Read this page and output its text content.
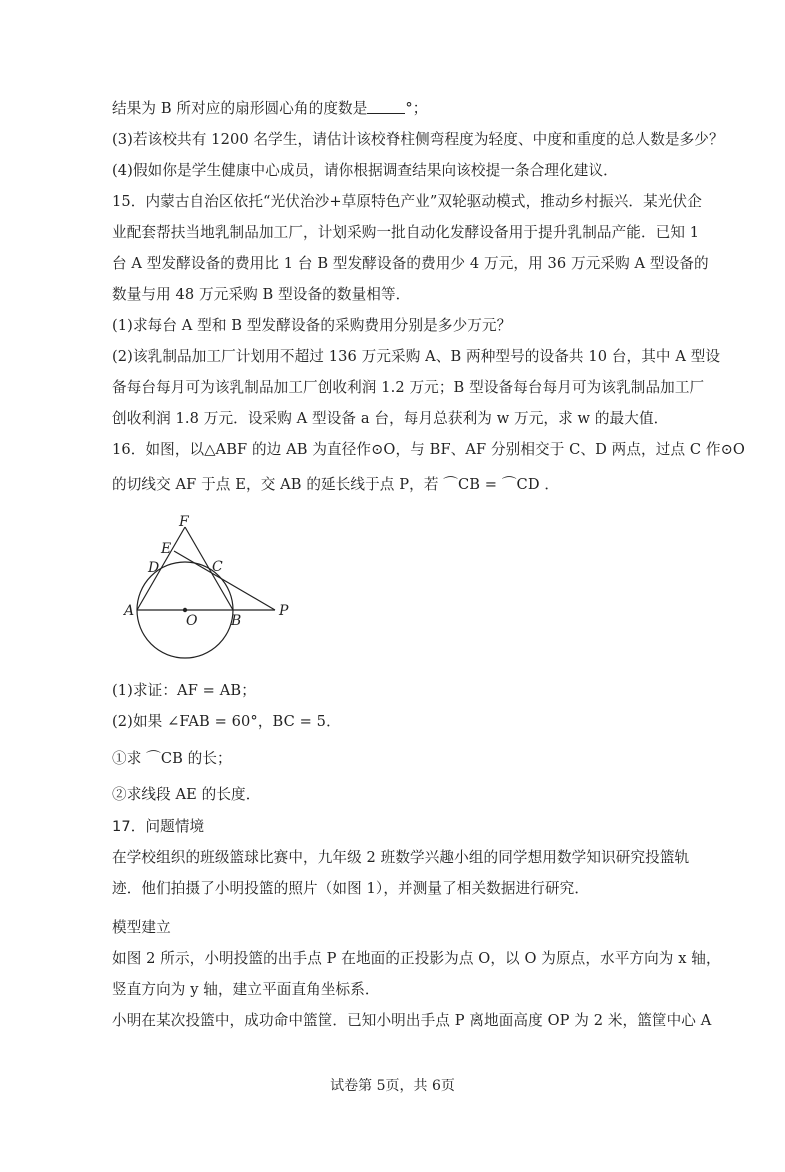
结果为 B 所对应的扇形圆心角的度数是	°；
(3)若该校共有 1200 名学生，请估计该校脊柱侧弯程度为轻度、中度和重度的总人数是多少？
(4)假如你是学生健康中心成员，请你根据调查结果向该校提一条合理化建议．
15．内蒙古自治区依托“光伏治沙+草原特色产业”双轮驱动模式，推动乡村振兴．某光伏企
业配套帮扶当地乳制品加工厂，计划采购一批自动化发酵设备用于提升乳制品产能．已知 1
台 A 型发酵设备的费用比 1 台 B 型发酵设备的费用少 4 万元，用 36 万元采购 A 型设备的
数量与用 48 万元采购 B 型设备的数量相等．
(1)求每台 A 型和 B 型发酵设备的采购费用分别是多少万元？
(2)该乳制品加工厂计划用不超过 136 万元采购 A、B 两种型号的设备共 10 台，其中 A 型设
备每台每月可为该乳制品加工厂创收利润 1.2 万元；B 型设备每台每月可为该乳制品加工厂
创收利润 1.8 万元．设采购 A 型设备 a 台，每月总获利为 w 万元，求 w 的最大值．
16．如图，以△ABF 的边 AB 为直径作⊙O，与 BF、AF 分别相交于 C、D 两点，过点 C 作⊙O
的切线交 AF 于点 E，交 AB 的延长线于点 P，若 ⌒CB = ⌒CD ．
F
E
D	C
A
O B
P
(1)求证：AF = AB；
(2)如果 ∠FAB = 60°，BC = 5．
①求 ⌒CB 的长；
②求线段 AE 的长度．
17．问题情境
在学校组织的班级篮球比赛中，九年级 2 班数学兴趣小组的同学想用数学知识研究投篮轨
迹．他们拍摄了小明投篮的照片（如图 1），并测量了相关数据进行研究．
模型建立
如图 2 所示，小明投篮的出手点 P 在地面的正投影为点 O，以 O 为原点，水平方向为 x 轴，
竖直方向为 y 轴，建立平面直角坐标系．
小明在某次投篮中，成功命中篮筐．已知小明出手点 P 离地面高度 OP 为 2 米，篮筐中心 A
试卷第 5页，共 6页
